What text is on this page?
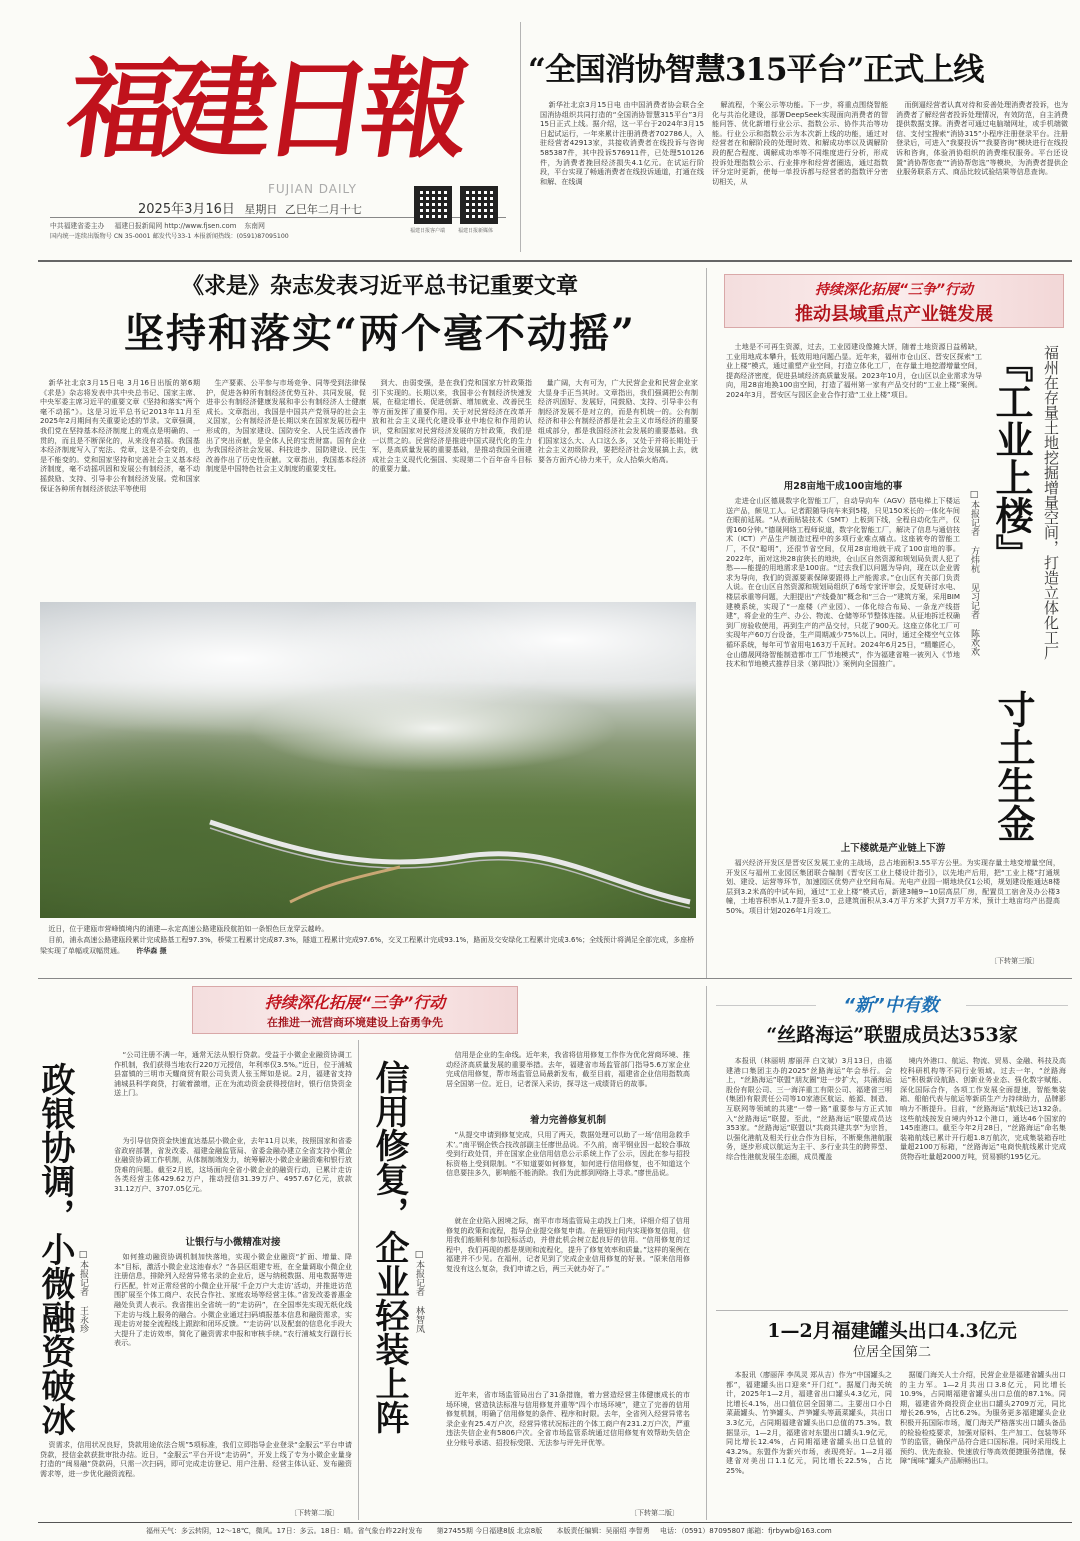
福建日報
FUJIAN DAILY
2025年3月16日 星期日 乙巳年二月十七
中共福建省委主办 福建日报新闻网 http://www.fjsen.com 东南网
国内统一连续出版物号 CN 35-0001 邮发代号33-1 本报新闻热线：(0591)87095100
福建日报客户端	福建日报新媒体
“全国消协智慧315平台”正式上线

新华社北京3月15日电 由中国消费者协会联合全国消协组织共同打造的“全国消协智慧315平台”3月15日正式上线。据介绍，这一平台于2024年3月15日起试运行，一年来累计注册消费者702786人，入驻经营者42913家，共接收消费者在线投诉与咨询585387件，其中投诉576911件，已处理510126件，为消费者挽回经济损失4.1亿元。在试运行阶段，平台实现了畅通消费者在线投诉通道，打通在线和解、在线调

解流程，个案公示等功能。下一步，将重点围绕智能化与共治化建设，部署DeepSeek实现面向消费者的智能问答、优化新增行业公示、指数公示、协作共治等功能。行业公示和指数公示为本次新上线的功能，通过对经营者在和解阶段的处理时效、和解成功率以及调解阶段的配合程度、调解成功率等不同维度进行分析，形成投诉处理指数公示、行业排序和经营者圈选，通过指数评分定时更新，使每一单投诉都与经营者的指数评分密切相关，从

而倒逼经营者认真对待和妥善处理消费者投诉，也为消费者了解经营者投诉处理情况，有效防范，自主消费提供数据支撑。消费者可通过电脑端网址，或手机端微信、支付宝搜索“消协315”小程序注册登录平台。注册登录后，可进入“我要投诉”“我要咨询”模块进行在线投诉和咨询，体验消协组织的消费维权服务。平台还设置“消协帮您查”“消协帮您选”等模块，为消费者提供企业服务联系方式、商品比较试验结果等信息查询。

《求是》杂志发表习近平总书记重要文章
坚持和落实“两个毫不动摇”

新华社北京3月15日电 3月16日出版的第6期《求是》杂志将发表中共中央总书记、国家主席、中央军委主席习近平的重要文章《坚持和落实“两个毫不动摇”》。这是习近平总书记2013年11月至2025年2月期间有关重要论述的节录。文章强调，我们党在坚持基本经济制度上的观点是明确的、一贯的，而且是不断深化的，从来没有动摇。我国基本经济制度写入了宪法、党章，这是不会变的，也是不能变的。党和国家坚持和完善社会主义基本经济制度，毫不动摇巩固和发展公有制经济，毫不动摇鼓励、支持、引导非公有制经济发展。党和国家保证各种所有制经济依法平等使用

生产要素、公平参与市场竞争、同等受到法律保护，促进各种所有制经济优势互补、共同发展，促进非公有制经济健康发展和非公有制经济人士健康成长。文章指出，我国是中国共产党领导的社会主义国家，公有制经济是长期以来在国家发展历程中形成的，为国家建设、国防安全、人民生活改善作出了突出贡献，是全体人民的宝贵财富。国有企业为我国经济社会发展、科技进步、国防建设、民生改善作出了历史性贡献。文章指出，我国基本经济制度是中国特色社会主义制度的重要支柱。

到大、由弱变强，是在我们党和国家方针政策指引下实现的。长期以来，我国非公有制经济快速发展，在稳定增长、促进创新、增加就业、改善民生等方面发挥了重要作用。关于对民营经济在改革开放和社会主义现代化建设事业中地位和作用的认识，党和国家对民营经济发展的方针政策，我们是一以贯之的。民营经济是推进中国式现代化的生力军，是高质量发展的重要基础，是推动我国全面建成社会主义现代化强国、实现第二个百年奋斗目标的重要力量。

量广阔，大有可为，广大民营企业和民营企业家大显身手正当其时。文章指出，我们强调把公有制经济巩固好、发展好，同鼓励、支持、引导非公有制经济发展不是对立的，而是有机统一的。公有制经济和非公有制经济都是社会主义市场经济的重要组成部分，都是我国经济社会发展的重要基础。我们国家这么大、人口这么多，又处于并将长期处于社会主义初级阶段，要把经济社会发展搞上去，就要各方面齐心协力来干，众人拾柴火焰高。

近日，位于建瓯市营峰镇境内的浦建—永定高速公路建瓯段航拍如一条银色巨龙穿云越岭。
目前，浦永高速公路建瓯段累计完成路基工程97.3%，桥梁工程累计完成87.3%，隧道工程累计完成97.6%，交叉工程累计完成93.1%，路面及交安绿化工程累计完成3.6%；全线预计将满足全部完成，多座桥梁实现了单幅或双幅贯通。 许华森 摄
持续深化拓展“三争”行动
推动县域重点产业链发展

土地是不可再生资源，过去，工业园建设像摊大饼，随着土地资源日益稀缺，工业用地成本攀升，低效用地问题凸显。近年来，福州市仓山区、晋安区探索“工业上楼”模式，通过重塑产业空间，打造立体化工厂，在存量土地挖潜增量空间，提高经济密度，促进县域经济高质量发展。2023年10月，仓山区以企业需求为导向，用28亩地换100亩空间，打造了福州第一家有产品交付的“工业上楼”案例。2024年3月，晋安区与园区企业合作打造“工业上楼”项目。	『工业上楼』
寸土生金
福州在存量土地挖掘增量空间，打造立体化工厂
□本报记者 方炜杭 见习记者 陈欢欢
用28亩地干成100亩地的事

走进仓山区德晟数字化智能工厂，自动导向车（AGV）搭电梯上下楼运送产品，颇见工人。记者跟随导向车来到5楼，只见150米长的一体化车间在眼前延展。“从表面贴装技术（SMT）上板到下线，全程自动化生产，仅需160分钟。”德晟网络工程师说道，数字化智能工厂，解决了信息与通信技术（ICT）产品生产制造过程中的多项行业难点痛点。这座被夸的智能工厂，不仅“聪明”，还很节省空间，仅用28亩地就干成了100亩地的事。2022年，面对这块28亩狭长的地块，仓山区自然资源和规划局负责人犯了愁——能提的用地需求是100亩。“过去我们以问题为导向，现在以企业需求为导向，我们的资源要素保障要跟得上产能需求。”仓山区有关部门负责人说。在仓山区自然资源和规划局组织了6场专家评审会，反复研讨水电、楼层承重等问题，大胆提出“产线叠加”概念和“三合一”建筑方案，采用BIM建模系统，实现了“一座楼（产业园）、一体化综合布局、一条龙产线搭建”，将企业的生产、办公、物流、仓储等环节整体连接。从征地拆迁权确到厂房验收使用，再到生产的产品交付，只花了900天。这座立体化工厂可实现年产60万台设备，生产周期减少75%以上。同时，通过全楼空气立体循环系统，每年可节省用电163万千瓦时。2024年6月25日，“精雕匠心，仓山德晟网络智能制造都市工厂节地模式”，作为福建省唯一被列入《节地技术和节地模式推荐目录（第四批）》案例向全国推广。

上下楼就是产业链上下游

福兴经济开发区是晋安区发展工业的主战场，总占地面积3.55平方公里。为实现存量土地变增量空间，开发区与福州工业园区集团联合编制《晋安区工业上楼设计指引》，以先地产后用，把“工业上楼”打通规划、建设、运营等环节，加速园区优势产业空间布局。光电产业园一期地块仅1公顷，规划建设能通达8楼层到3.2米高的中试车间，通过“工业上楼”模式后，新建3幢9~10层高层厂房，配置员工宿舍及办公楼3幢，土地容积率从1.7提升至3.0，总建筑面积从3.4万平方米扩大到7万平方米，预计土地亩均产出提高50%。项目计划2026年1月竣工。

〔下转第三版〕
持续深化拓展“三争”行动
在推进一流营商环境建设上奋勇争先
政银协调，小微融资破冰 □本报记者 王永珍

“公司注册不满一年，通常无法从银行贷款。受益于小微企业融资协调工作机制，我们获得当地农行220万元授信，年利率仅3.5%。”近日，位于浦城县富镇的三明市天耀商贸有限公司负责人张玉辉如是说。2月，福建省支持浦城县科学商贷，打破着激增，正在为流动资金获得授信时，银行信贷资金送上门。

为引导信贷资金快速直达基层小微企业，去年11月以来，按照国家和省委省政府部署，省发改委、福建金融监管局、省委金融办建立全省支持小微企业融资协调工作机制，从体制制端发力，统筹解决小微企业融资难和银行放贷难的问题。截至2月底，这场面向全省小微企业的融资行动，已累计走访各类经营主体429.62万户，推动授信31.39万户、4957.67亿元，放款31.12万户、3707.05亿元。

让银行与小微精准对接

如何推动融资协调机制加快落地，实现小微企业融资“扩面、增量、降本”目标，激活小微企业这池春水？“各县区组建专班，在全量调取小微企业注册信息，排除列入经营异常名录的企业后，逐与纳税数据、用电数据等进行匹配，针对正常经营的小微企业开展‘千企万户大走访’活动，并推进访范围扩展至个体工商户、农民合作社、家庭农场等经营主体。”省发改委普惠金融处负责人表示。我省推出全省统一的“走访码”，在全国率先实现无纸化线下走访与线上服务的融合。小微企业通过扫码填报基本信息和融资需求，实现走访对接全流程线上跟踪和闭环反馈。“‘走访码’以及配套的信息化手段大大提升了走访效率，简化了融资需求申报和审核手续。”农行浦城支行副行长表示。

资需求，信用状况良好，贷款用途依法合规”5项标准，我们立即指导企业登录“金服云”平台申请贷款，授信金款获批审批办结。近日，“金服云”平台开设“走访码”，开发上线了专为小微企业量身打造的“闽易融”贷款码，只需一次扫码，即可完成走访登记、用户注册、经营主体认证、发布融资需求等，进一步优化融资流程。

〔下转第二版〕
信用修复，企业轻装上阵 □本报记者 林智凤

信用是企业的生命线。近年来，我省将信用修复工作作为优化营商环境、推动经济高质量发展的重要举措。去年，福建省市场监管部门指导5.6万家企业完成信用修复，帮市场监管总局最新发布，截至目前，福建省企业信用指数高居全国第一位。近日，记者深入采访，探寻这一成绩背后的故事。

着力完善修复机制

“从提交申请到修复完成，只用了两天，数据处理可以助了一场‘信用急救手术’。”南平钢企铁合技改部副主任廖世品说。不久前，南平钢业因一起较合事故受到行政处罚，并在国家企业信用信息公示系统上作了公示，因此在参与招投标资格上受到限制。“不知道要如何修复，如何进行信用修复，也不知道这个信息要挂多久，影响能不能消除。我们为此都到网络上寻求。”廖世品说。

就在企业陷入困境之际，南平市市场监管局主动找上门来，详细介绍了信用修复的政策和流程，指导企业提交修复申请。在最短时间内实现修复信用，信用我们能顺利参加投标活动，并借此机会树立起良好的信用。“信用修复的过程中，我们再现的都是规则和流程化，提升了修复效率和质量。”这样的案例在福建并不少见。在福州，记者见到了完成企业信用修复的好景。“原来信用修复没有这么复杂，我们申请之后，两三天就办好了。”

近年来，省市场监管局出台了31条措施，着力营造经营主体健康成长的市场环境，营造执法标准与信用修复并重等“四个市场环境”，建立了完善的信用修复机制，明确了信用修复的条件、程序和时限。去年，全省列入经营异常名录企业有25.4万户次，经营异常状况标注的个体工商户有231.2万户次，严重违法失信企业有5806户次。全省市场监管系统通过信用修复有效帮助失信企业分账号承诺、招投标受限、无法参与评先评优等。

〔下转第二版〕
“新”中有数
“丝路海运”联盟成员达353家

本报讯（林丽明 廖丽萍 白文斌）3月13日，由福建港口集团主办的2025“丝路海运”年会举行。会上，“丝路海运”联盟“朋友圈”进一步扩大，共涌海运股份有限公司、三一海洋重工有限公司、福建省三明(集团)有限责任公司等10家港区航运、能源、制造、互联网等领域的共建“一带一路”重要参与方正式加入“丝路海运”联盟。至此，“丝路海运”联盟成员达353家。“丝路海运”联盟以“共商共建共享”为宗旨，以强化港航及相关行业合作为目标，不断聚焦港航服务，逐步形成以航运为主干、多行业共生的跨界型、综合性港航发展生态圈，成员覆盖

境内外港口、航运、物流、贸易、金融、科技及高校科研机构等不同行业领域。过去一年，“丝路海运”积极新设航路、创新业务业态、强化数字赋能、深化国际合作，各项工作发展全面提速，智能集装箱、船舶代表与航运等新质生产力持续助力，品牌影响力不断提升。目前，“丝路海运”航线已达132条。这些航线按发自境内外12个港口，通达46个国家的145座港口。截至今年2月28日，“丝路海运”命名集装箱航线已累计开行超1.8万航次，完成集装箱吞吐量超2100万标箱，“丝路海运”电商快航线累计完成货物吞吐量超2000万吨，贸易额约195亿元。

1—2月福建罐头出口4.3亿元
位居全国第二

本报讯（廖丽萍 李凤灵 郑从吉）作为“中国罐头之都”，福建罐头出口迎来“开门红”。据厦门海关统计，2025年1—2月，福建省出口罐头4.3亿元，同比增长4.1%，出口值位居全国第二。主要出口小白菜蔬罐头、竹笋罐头、芦笋罐头等蔬菜罐头，共出口3.3亿元，占同期福建省罐头出口总值的75.3%。数据显示，1—2月，福建省对东盟出口罐头1.9亿元，同比增长12.4%，占同期福建省罐头出口总值的43.2%。东盟作为新兴市场，表现亮好。1—2月福建省对美出口1.1亿元，同比增长22.5%，占比25%。

据厦门海关人士介绍，民营企业是福建省罐头出口的主力军。1—2月共出口3.8亿元，同比增长10.9%，占同期福建省罐头出口总值的87.1%。同期，福建省外商投资企业出口罐头2709万元，同比增长26.9%，占比6.2%。为服务更多福建罐头企业积极开拓国际市场，厦门海关严格落实出口罐头备品的检验检疫要求，加强对原料、生产加工、包装等环节的监管，确保产品符合进口国标准。同时采用线上预约、优先查验、快速放行等高效便捷服务措施，保障“闽味”罐头产品顺畅出口。

福州天气：多云转阴，12～18℃，微风。17日：多云。18日：晴。省气象台昨22时发布 第27455期 今日福建8版 北京8版 本版责任编辑：吴丽绍 李智勇 电话：（0591）87095807 邮箱：fjrbywb@163.com
